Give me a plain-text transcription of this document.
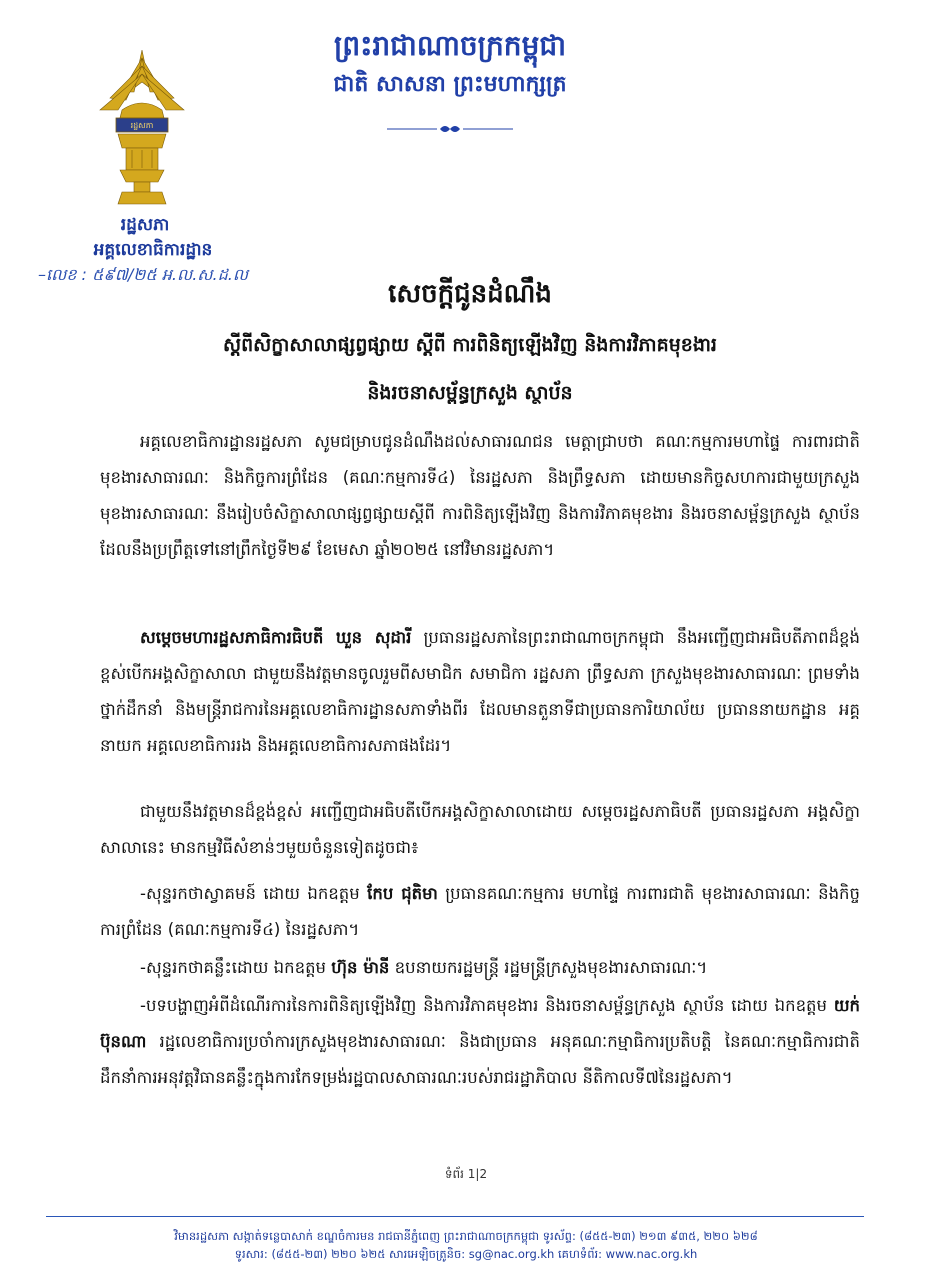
រដ្ឋសភា
រដ្ឋសភា
អគ្គលេខាធិការដ្ឋាន
–លេខ : ៥៩៧/២៥ អ.ល.ស.ដ.ល
ព្រះរាជាណាចក្រកម្ពុជា
ជាតិ សាសនា ព្រះមហាក្សត្រ
សេចក្ដីជូនដំណឹង
ស្ដីពីសិក្ខាសាលាផ្សព្វផ្សាយ ស្ដីពី ការពិនិត្យឡើងវិញ និងការវិភាគមុខងារ
និងរចនាសម្ព័ន្ធក្រសួង ស្ថាប័ន
អគ្គលេខាធិការដ្ឋានរដ្ឋសភា សូមជម្រាបជូនដំណឹងដល់សាធារណជន មេត្តាជ្រាបថា គណៈកម្មការមហាផ្ទៃ ការពារជាតិ មុខងារសាធារណៈ និងកិច្ចការព្រំដែន (គណៈកម្មការទី៤) នៃរដ្ឋសភា និងព្រឹទ្ធសភា ដោយមានកិច្ចសហការជាមួយក្រសួងមុខងារសាធារណៈ នឹងរៀបចំសិក្ខាសាលាផ្សព្វផ្សាយស្ដីពី ការពិនិត្យឡើងវិញ និងការវិភាគមុខងារ និងរចនាសម្ព័ន្ធក្រសួង ស្ថាប័ន ដែលនឹងប្រព្រឹត្តទៅនៅព្រឹកថ្ងៃទី២៩ ខែមេសា ឆ្នាំ២០២៥ នៅវិមានរដ្ឋសភា។
សម្ដេចមហារដ្ឋសភាធិការធិបតី ឃួន សុដារី ប្រធានរដ្ឋសភានៃព្រះរាជាណាចក្រកម្ពុជា នឹងអញ្ជើញជាអធិបតីភាពដ៏ខ្ពង់ខ្ពស់បើកអង្គសិក្ខាសាលា ជាមួយនឹងវត្តមានចូលរួមពីសមាជិក សមាជិកា រដ្ឋសភា ព្រឹទ្ធសភា ក្រសួងមុខងារសាធារណៈ ព្រមទាំងថ្នាក់ដឹកនាំ និងមន្ត្រីរាជការនៃអគ្គលេខាធិការដ្ឋានសភាទាំងពីរ ដែលមានតួនាទីជាប្រធានការិយាល័យ ប្រធាននាយកដ្ឋាន អគ្គនាយក អគ្គលេខាធិការរង និងអគ្គលេខាធិការសភាផងដែរ។
ជាមួយនឹងវត្តមានដ៏ខ្ពង់ខ្ពស់ អញ្ជើញជាអធិបតីបើកអង្គសិក្ខាសាលាដោយ សម្ដេចរដ្ឋសភាធិបតី ប្រធានរដ្ឋសភា អង្គសិក្ខាសាលានេះ មានកម្មវិធីសំខាន់ៗមួយចំនួនទៀតដូចជា៖
-សុន្ទរកថាស្វាគមន៍ ដោយ ឯកឧត្ដម កែប ជុតិមា ប្រធានគណៈកម្មការ មហាផ្ទៃ ការពារជាតិ មុខងារសាធារណៈ និងកិច្ចការព្រំដែន (គណៈកម្មការទី៤) នៃរដ្ឋសភា។
-សុន្ទរកថាគន្លឹះដោយ ឯកឧត្ដម ហ៊ុន ម៉ានី ឧបនាយករដ្ឋមន្ត្រី រដ្ឋមន្ត្រីក្រសួងមុខងារសាធារណៈ។
-បទបង្ហាញអំពីដំណើរការនៃការពិនិត្យឡើងវិញ និងការវិភាគមុខងារ និងរចនាសម្ព័ន្ធក្រសួង ស្ថាប័ន ដោយ ឯកឧត្ដម យក់ ប៊ុនណា រដ្ឋលេខាធិការប្រចាំការក្រសួងមុខងារសាធារណៈ និងជាប្រធាន អនុគណៈកម្មាធិការប្រតិបត្តិ នៃគណៈកម្មាធិការជាតិដឹកនាំការអនុវត្តវិធានគន្លឹះក្នុងការកែទម្រង់រដ្ឋបាលសាធារណៈរបស់រាជរដ្ឋាភិបាល នីតិកាលទី៧នៃរដ្ឋសភា។
ទំព័រ 1|2
វិមានរដ្ឋសភា សង្កាត់ទន្លេបាសាក់ ខណ្ឌចំការមន រាជធានីភ្នំពេញ ព្រះរាជាណាចក្រកម្ពុជា ទូរស័ព្ទ: (៨៥៥-២៣) ២១៣ ៩៣៥, ២២០ ៦២៨
ទូរសារ: (៨៥៥-២៣) ២២០ ៦២៥ សារអេឡិចត្រូនិច: sg@nac.org.kh គេហទំព័រ: www.nac.org.kh
